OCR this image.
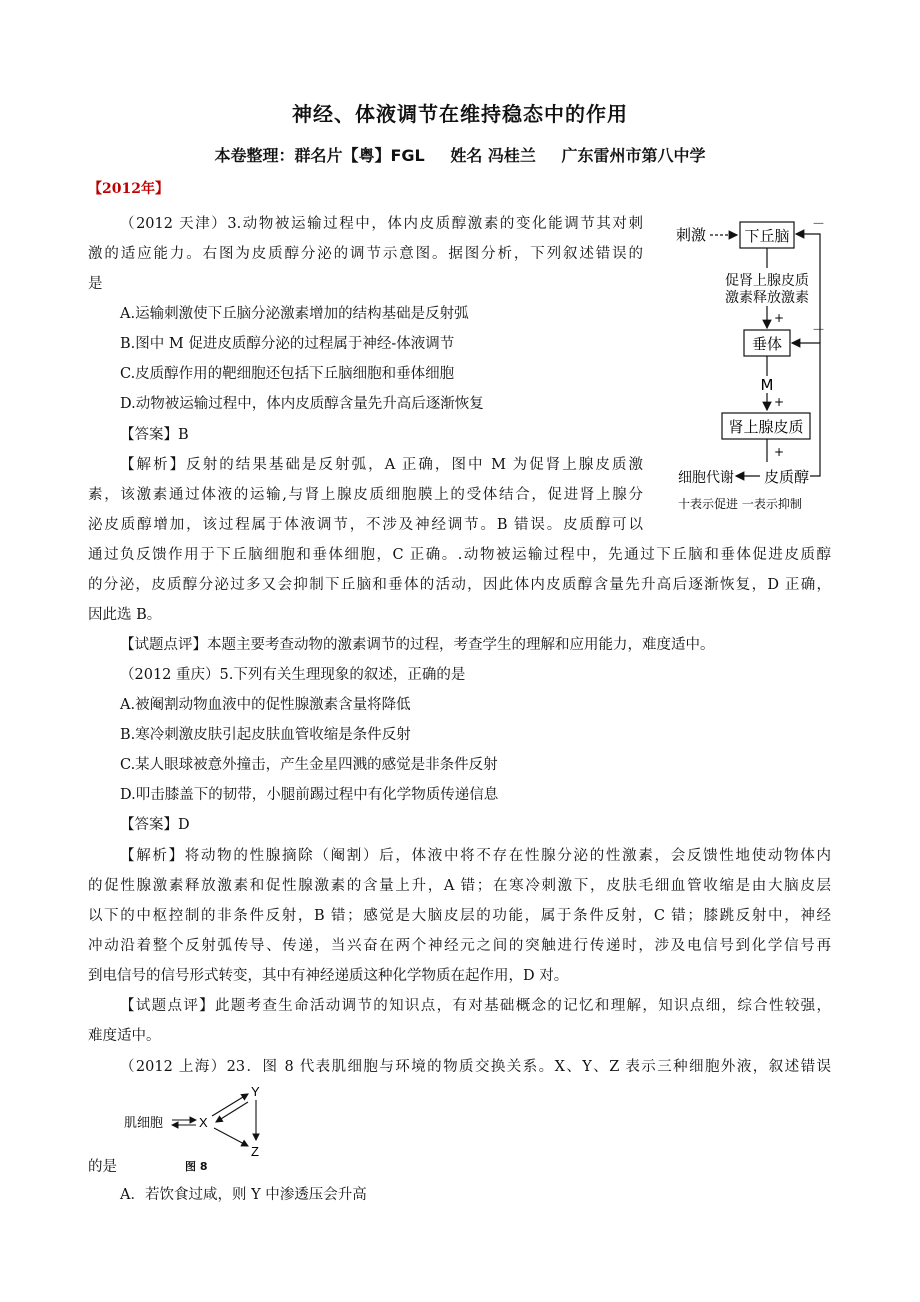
神经、体液调节在维持稳态中的作用
本卷整理：群名片【粤】FGL 姓名 冯桂兰 广东雷州市第八中学
【2012年】
（2012 天津）3.动物被运输过程中，体内皮质醇激素的变化能调节其对刺
激的适应能力。右图为皮质醇分泌的调节示意图。据图分析，下列叙述错误的
是
A.运输刺激使下丘脑分泌激素增加的结构基础是反射弧
B.图中 M 促进皮质醇分泌的过程属于神经-体液调节
C.皮质醇作用的靶细胞还包括下丘脑细胞和垂体细胞
D.动物被运输过程中，体内皮质醇含量先升高后逐渐恢复
【答案】B
【解析】反射的结果基础是反射弧，A 正确，图中 M 为促肾上腺皮质激
素，该激素通过体液的运输,与肾上腺皮质细胞膜上的受体结合，促进肾上腺分
泌皮质醇增加，该过程属于体液调节，不涉及神经调节。B 错误。皮质醇可以
通过负反馈作用于下丘脑细胞和垂体细胞，C 正确。.动物被运输过程中，先通过下丘脑和垂体促进皮质醇
的分泌，皮质醇分泌过多又会抑制下丘脑和垂体的活动，因此体内皮质醇含量先升高后逐渐恢复，D 正确，
因此选 B。
【试题点评】本题主要考查动物的激素调节的过程，考查学生的理解和应用能力，难度适中。
刺激	下丘脑
促肾上腺皮质
激素释放激素
+
垂体
M
+
肾上腺皮质
+
皮质醇
细胞代谢
－
－
十表示促进 一表示抑制
（2012 重庆）5.下列有关生理现象的叙述，正确的是
A.被阉割动物血液中的促性腺激素含量将降低
B.寒冷刺激皮肤引起皮肤血管收缩是条件反射
C.某人眼球被意外撞击，产生金星四溅的感觉是非条件反射
D.叩击膝盖下的韧带，小腿前踢过程中有化学物质传递信息
【答案】D
【解析】将动物的性腺摘除（阉割）后，体液中将不存在性腺分泌的性激素，会反馈性地使动物体内
的促性腺激素释放激素和促性腺激素的含量上升，A 错；在寒冷刺激下，皮肤毛细血管收缩是由大脑皮层
以下的中枢控制的非条件反射，B 错；感觉是大脑皮层的功能，属于条件反射，C 错；膝跳反射中，神经
冲动沿着整个反射弧传导、传递，当兴奋在两个神经元之间的突触进行传递时，涉及电信号到化学信号再
到电信号的信号形式转变，其中有神经递质这种化学物质在起作用，D 对。
【试题点评】此题考查生命活动调节的知识点，有对基础概念的记忆和理解，知识点细，综合性较强，
难度适中。
（2012 上海）23．图 8 代表肌细胞与环境的物质交换关系。X、Y、Z 表示三种细胞外液，叙述错误
肌细胞	X
Y
Z
的是	图 8
A．若饮食过咸，则 Y 中渗透压会升高
